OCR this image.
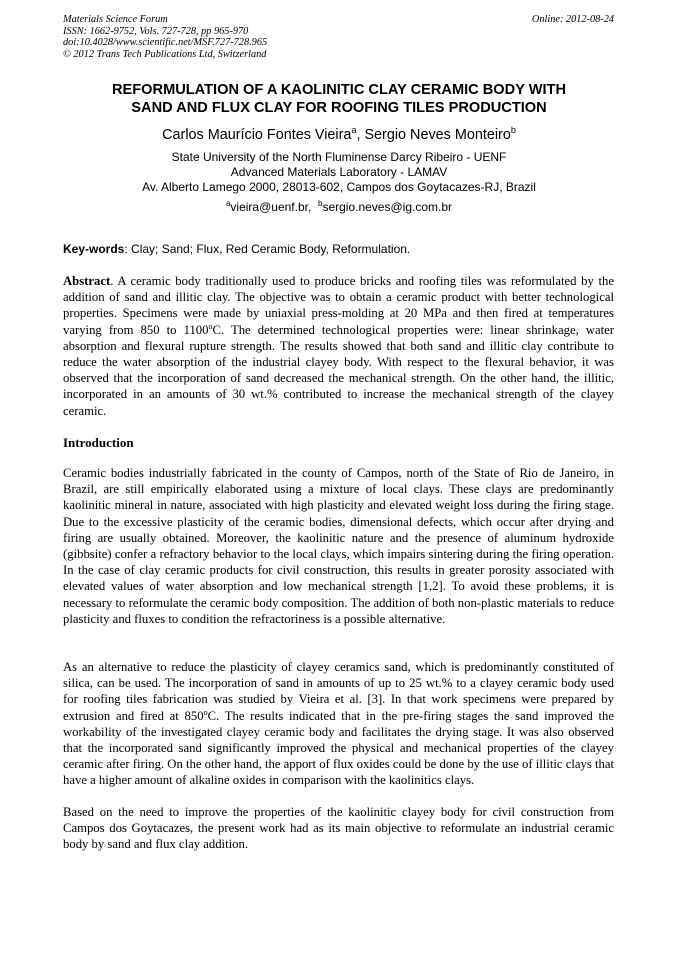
Materials Science Forum
ISSN: 1662-9752, Vols. 727-728, pp 965-970
doi:10.4028/www.scientific.net/MSF.727-728.965
© 2012 Trans Tech Publications Ltd, Switzerland
Online: 2012-08-24
REFORMULATION OF A KAOLINITIC CLAY CERAMIC BODY WITH
SAND AND FLUX CLAY FOR ROOFING TILES PRODUCTION
Carlos Maurício Fontes Vieira$^a$, Sergio Neves Monteiro$^b$
State University of the North Fluminense Darcy Ribeiro - UENF
Advanced Materials Laboratory - LAMAV
Av. Alberto Lamego 2000, 28013-602, Campos dos Goytacazes-RJ, Brazil
$^a$vieira@uenf.br, $^b$sergio.neves@ig.com.br
Key-words: Clay; Sand; Flux, Red Ceramic Body, Reformulation.

Abstract. A ceramic body traditionally used to produce bricks and roofing tiles was reformulated by the addition of sand and illitic clay. The objective was to obtain a ceramic product with better technological properties. Specimens were made by uniaxial press-molding at 20 MPa and then fired at temperatures varying from 850 to 1100$^o$C. The determined technological properties were: linear shrinkage, water absorption and flexural rupture strength. The results showed that both sand and illitic clay contribute to reduce the water absorption of the industrial clayey body. With respect to the flexural behavior, it was observed that the incorporation of sand decreased the mechanical strength. On the other hand, the illitic, incorporated in an amounts of 30 wt.% contributed to increase the mechanical strength of the clayey ceramic.

Introduction

Ceramic bodies industrially fabricated in the county of Campos, north of the State of Rio de Janeiro, in Brazil, are still empirically elaborated using a mixture of local clays. These clays are predominantly kaolinitic mineral in nature, associated with high plasticity and elevated weight loss during the firing stage. Due to the excessive plasticity of the ceramic bodies, dimensional defects, which occur after drying and firing are usually obtained. Moreover, the kaolinitic nature and the presence of aluminum hydroxide (gibbsite) confer a refractory behavior to the local clays, which impairs sintering during the firing operation. In the case of clay ceramic products for civil construction, this results in greater porosity associated with elevated values of water absorption and low mechanical strength [1,2]. To avoid these problems, it is necessary to reformulate the ceramic body composition. The addition of both non-plastic materials to reduce plasticity and fluxes to condition the refractoriness is a possible alternative.

As an alternative to reduce the plasticity of clayey ceramics sand, which is predominantly constituted of silica, can be used. The incorporation of sand in amounts of up to 25 wt.% to a clayey ceramic body used for roofing tiles fabrication was studied by Vieira et al. [3]. In that work specimens were prepared by extrusion and fired at 850$^o$C. The results indicated that in the pre-firing stages the sand improved the workability of the investigated clayey ceramic body and facilitates the drying stage. It was also observed that the incorporated sand significantly improved the physical and mechanical properties of the clayey ceramic after firing. On the other hand, the apport of flux oxides could be done by the use of illitic clays that have a higher amount of alkaline oxides in comparison with the kaolinitics clays.

Based on the need to improve the properties of the kaolinitic clayey body for civil construction from Campos dos Goytacazes, the present work had as its main objective to reformulate an industrial ceramic body by sand and flux clay addition.
